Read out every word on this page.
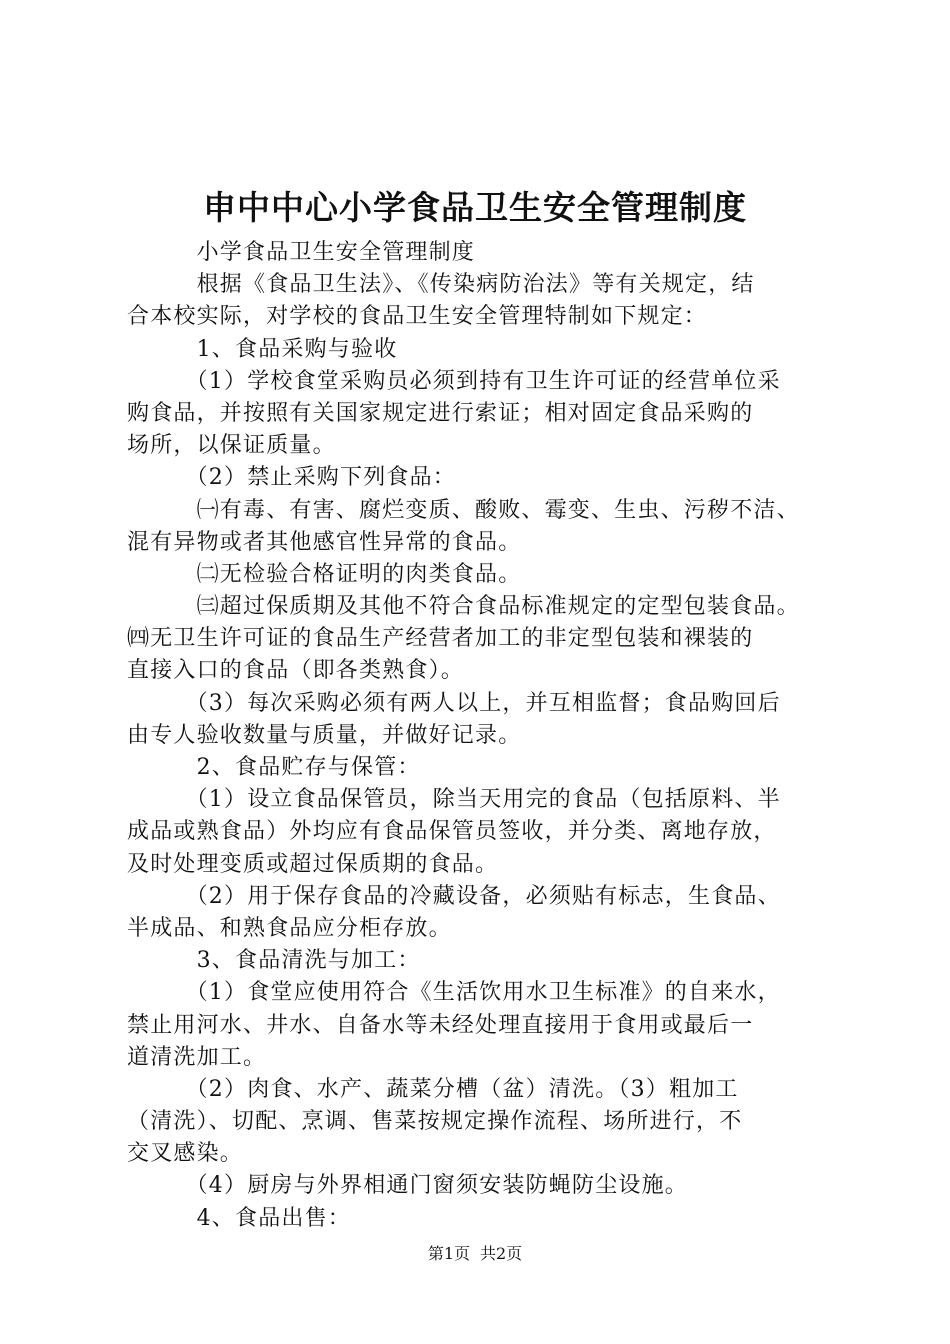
申中中心小学食品卫生安全管理制度
　　　小学食品卫生安全管理制度
　　　根据《食品卫生法》、《传染病防治法》等有关规定，结
合本校实际，对学校的食品卫生安全管理特制如下规定：
　　　1、食品采购与验收
　　　（1）学校食堂采购员必须到持有卫生许可证的经营单位采
购食品，并按照有关国家规定进行索证；相对固定食品采购的
场所，以保证质量。
　　　（2）禁止采购下列食品：
　　　㈠有毒、有害、腐烂变质、酸败、霉变、生虫、污秽不洁、
混有异物或者其他感官性异常的食品。
　　　㈡无检验合格证明的肉类食品。
　　　㈢超过保质期及其他不符合食品标准规定的定型包装食品。
㈣无卫生许可证的食品生产经营者加工的非定型包装和裸装的
直接入口的食品（即各类熟食）。
　　　（3）每次采购必须有两人以上，并互相监督；食品购回后
由专人验收数量与质量，并做好记录。
　　　2、食品贮存与保管：
　　　（1）设立食品保管员，除当天用完的食品（包括原料、半
成品或熟食品）外均应有食品保管员签收，并分类、离地存放，
及时处理变质或超过保质期的食品。
　　　（2）用于保存食品的冷藏设备，必须贴有标志，生食品、
半成品、和熟食品应分柜存放。
　　　3、食品清洗与加工：
　　　（1）食堂应使用符合《生活饮用水卫生标准》的自来水，
禁止用河水、井水、自备水等未经处理直接用于食用或最后一
道清洗加工。
　　　（2）肉食、水产、蔬菜分槽（盆）清洗。（3）粗加工
（清洗）、切配、烹调、售菜按规定操作流程、场所进行，不
交叉感染。
　　　（4）厨房与外界相通门窗须安装防蝇防尘设施。
　　　4、食品出售：
第1页 共2页
